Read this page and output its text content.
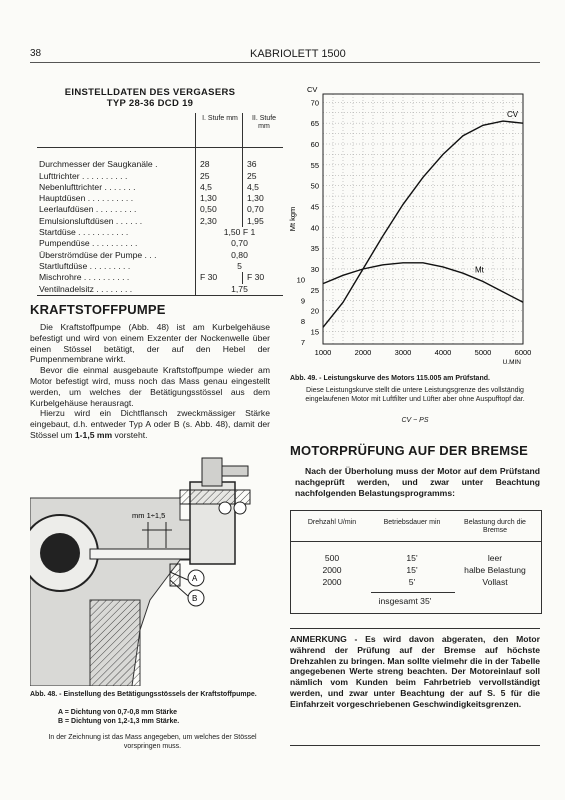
38	KABRIOLETT 1500
EINSTELLDATEN DES VERGASERS
TYP 28-36 DCD 19
	I. Stufe mm	II. Stufe mm

Durchmesser der Saugkanäle .	28	36
Lufttrichter . . . . . . . . . .	25	25
Nebenlufttrichter . . . . . . .	4,5	4,5
Hauptdüsen . . . . . . . . . .	1,30	1,30
Leerlaufdüsen . . . . . . . . .	0,50	0,70
Emulsionsluftdüsen . . . . . .	2,30	1,95
Startdüse . . . . . . . . . . .	1,50 F 1	
Pumpendüse . . . . . . . . . .	0,70	
Überströmdüse der Pumpe . . .	0,80	
Startluftdüse . . . . . . . . .	5	
Mischrohre . . . . . . . . . .	F 30	F 30
Ventilnadelsitz . . . . . . . .	1,75	
KRAFTSTOFFPUMPE

Die Kraftstoffpumpe (Abb. 48) ist am Kurbelgehäuse befestigt und wird von einem Exzenter der Nockenwelle über einen Stössel betätigt, der auf den Hebel der Pumpenmembrane wirkt.

Bevor die einmal ausgebaute Kraftstoffpumpe wieder am Motor befestigt wird, muss noch das Mass genau eingestellt werden, um welches der Betätigungsstössel aus dem Kurbelgehäuse herausragt.

Hierzu wird ein Dichtflansch zweckmässiger Stärke eingebaut, d.h. entweder Typ A oder B (s. Abb. 48), damit der Stössel um 1-1,5 mm vorsteht.

mm 1÷1,5
A
B
Abb. 48. - Einstellung des Betätigungsstössels der Kraftstoffpumpe.
A = Dichtung von 0,7-0,8 mm Stärke
B = Dichtung von 1,2-1,3 mm Stärke.
In der Zeichnung ist das Mass angegeben, um welches der Stössel vorspringen muss.
70
65
60
55
50
45
40
35
30
25
20
15
10
9
8
7
1000	2000	3000	4000	5000	6000
CV
Mt kgm
U.MIN
CV
Mt
Abb. 49. - Leistungskurve des Motors 115.005 am Prüfstand.
Diese Leistungskurve stellt die untere Leistungsgrenze des vollständig eingelaufenen Motor mit Luftfilter und Lüfter aber ohne Auspufftopf dar.
CV ~ PS
MOTORPRÜFUNG AUF DER BREMSE

Nach der Überholung muss der Motor auf dem Prüfstand nachgeprüft werden, und zwar unter Beachtung nachfolgenden Belastungsprogramms:

Drehzahl U/min	Betriebsdauer min	Belastung durch die Bremse
500	15'	leer
2000	15'	halbe Belastung
2000	5'	Vollast
insgesamt 35'
ANMERKUNG - Es wird davon abgeraten, den Motor während der Prüfung auf der Bremse auf höchste Drehzahlen zu bringen. Man sollte vielmehr die in der Tabelle angegebenen Werte streng beachten. Der Motoreinlauf soll nämlich vom Kunden beim Fahrbetrieb vervollständigt werden, und zwar unter Beachtung der auf S. 5 für die Einfahrzeit vorgeschriebenen Geschwindigkeitsgrenzen.
